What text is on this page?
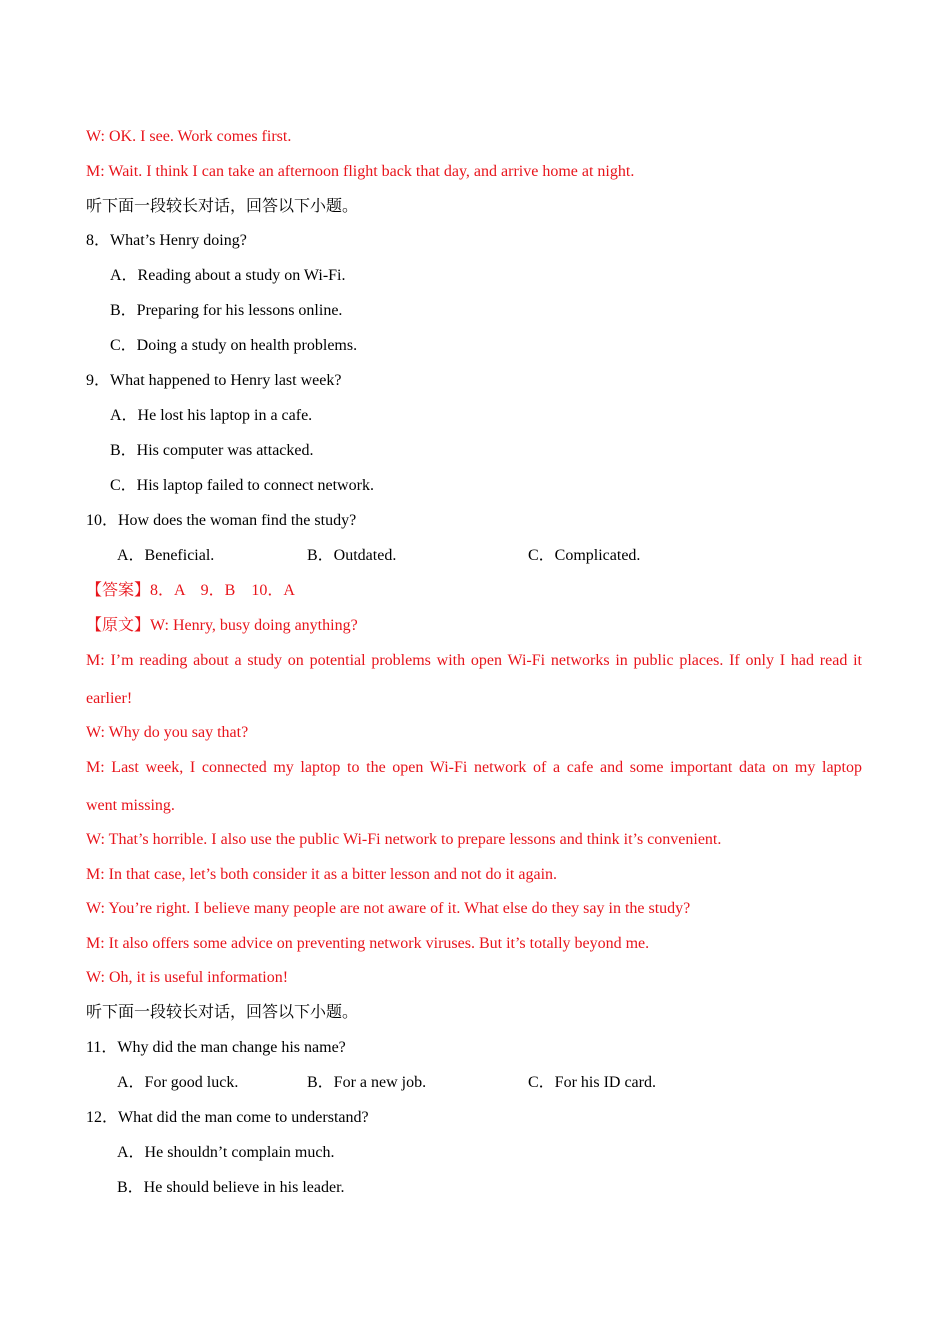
W: OK. I see. Work comes first.
M: Wait. I think I can take an afternoon flight back that day, and arrive home at night.
听下面一段较长对话，回答以下小题。
8．What’s Henry doing?
A．Reading about a study on Wi-Fi.
B．Preparing for his lessons online.
C．Doing a study on health problems.
9．What happened to Henry last week?
A．He lost his laptop in a cafe.
B．His computer was attacked.
C．His laptop failed to connect network.
10．How does the woman find the study?
A．Beneficial.	B．Outdated.	C．Complicated.
【答案】8．A　9．B　10．A
【原文】W: Henry, busy doing anything?
M: I’m reading about a study on potential problems with open Wi-Fi networks in public places. If only I had read it
earlier!
W: Why do you say that?
M: Last week, I connected my laptop to the open Wi-Fi network of a cafe and some important data on my laptop
went missing.
W: That’s horrible. I also use the public Wi-Fi network to prepare lessons and think it’s convenient.
M: In that case, let’s both consider it as a bitter lesson and not do it again.
W: You’re right. I believe many people are not aware of it. What else do they say in the study?
M: It also offers some advice on preventing network viruses. But it’s totally beyond me.
W: Oh, it is useful information!
听下面一段较长对话，回答以下小题。
11．Why did the man change his name?
A．For good luck.	B．For a new job.	C．For his ID card.
12．What did the man come to understand?
A．He shouldn’t complain much.
B．He should believe in his leader.
